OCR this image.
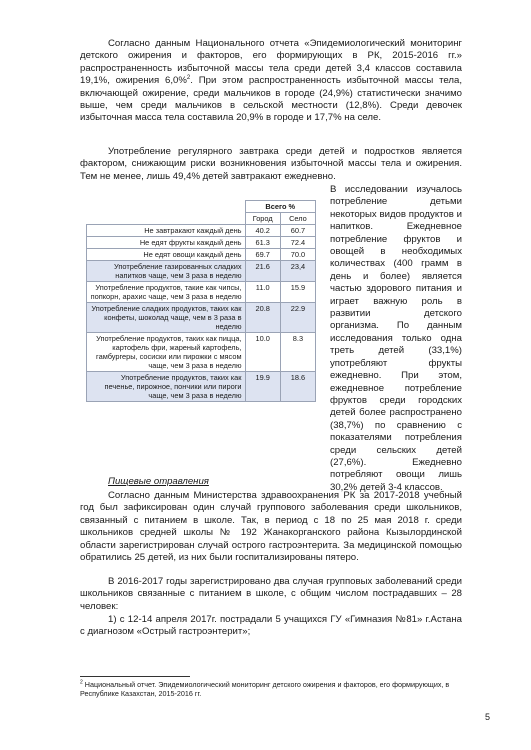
Согласно данным Национального отчета «Эпидемиологический мониторинг детского ожирения и факторов, его формирующих в РК, 2015-2016 гг.» распространенность избыточной массы тела среди детей 3,4 классов составила 19,1%, ожирения 6,0%$^2$. При этом распространенность избыточной массы тела, включающей ожирение, среди мальчиков в городе (24,9%) статистически значимо выше, чем среди мальчиков в сельской местности (12,8%). Среди девочек избыточная масса тела составила 20,9% в городе и 17,7% на селе.

Употребление регулярного завтрака среди детей и подростков является фактором, снижающим риски возникновения избыточной массы тела и ожирения. Тем не менее, лишь 49,4% детей завтракают ежедневно.

	Всего %	
	Город	Село
Не завтракают каждый день	40.2	60.7
Не едят фрукты каждый день	61.3	72.4
Не едят овощи каждый день	69.7	70.0
Употребление газированных сладких напитков чаще, чем 3 раза в неделю	21.6	23,4
Употребление продуктов, такие как чипсы, попкорн, арахис чаще, чем 3 раза в неделю	11.0	15.9
Употребление сладких продуктов, таких как конфеты, шоколад чаще, чем в 3 раза в неделю	20.8	22.9
Употребление продуктов, таких как пицца, картофель фри, жареный картофель, гамбургеры, сосиски или пирожки с мясом чаще, чем 3 раза в неделю	10.0	8.3
Употребление продуктов, таких как печенье, пирожное, пончики или пироги чаще, чем 3 раза в неделю	19.9	18.6

В исследовании изучалось потребление детьми некоторых видов продуктов и напитков. Ежедневное потребление фруктов и овощей в необходимых количествах (400 грамм в день и более) является частью здорового питания и играет важную роль в развитии детского организма. По данным исследования только одна треть детей (33,1%) употребляют фрукты ежедневно. При этом, ежедневное потребление фруктов среди городских детей более распространено (38,7%) по сравнению с показателями потребления среди сельских детей (27,6%). Ежедневно потребляют овощи лишь 30,2% детей 3-4 классов.

Пищевые отравления

Согласно данным Министерства здравоохранения РК за 2017-2018 учебный год был зафиксирован один случай группового заболевания среди школьников, связанный с питанием в школе. Так, в период с 18 по 25 мая 2018 г. среди школьников средней школы № 192 Жанакорганского района Кызылординской области зарегистрирован случай острого гастроэнтерита. За медицинской помощью обратились 25 детей, из них были госпитализированы пятеро.

В 2016-2017 годы зарегистрировано два случая групповых заболеваний среди школьников связанные с питанием в школе, с общим числом пострадавших – 28 человек:

1) с 12-14 апреля 2017г. пострадали 5 учащихся ГУ «Гимназия №81» г.Астана с диагнозом «Острый гастроэнтерит»;

$^2$ Национальный отчет. Эпидемиологический мониторинг детского ожирения и факторов, его формирующих, в Республике Казахстан, 2015-2016 гг.
5
